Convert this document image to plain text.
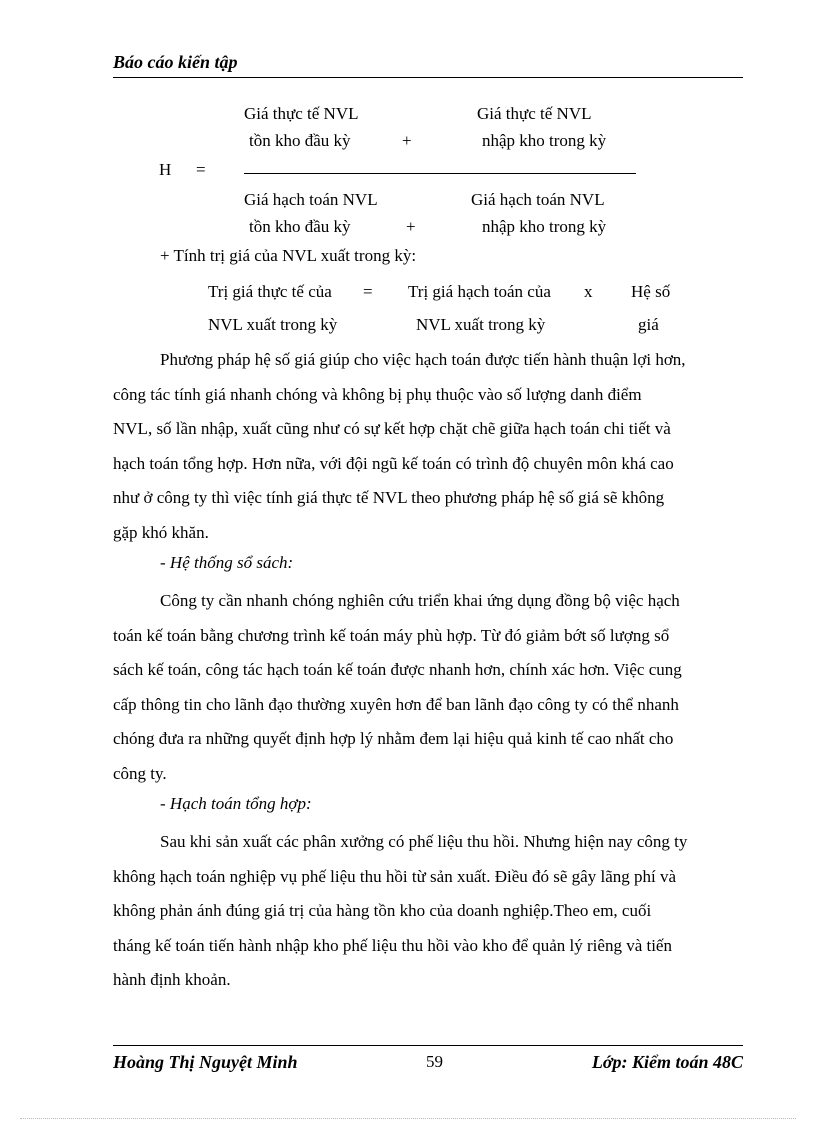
Báo cáo kiến tập
Giá thực tế NVL
tồn kho đầu kỳ	+
Giá thực tế NVL
nhập kho trong kỳ
H =
Giá hạch toán NVL
tồn kho đầu kỳ	+
Giá hạch toán NVL
nhập kho trong kỳ
+ Tính trị giá của NVL xuất trong kỳ:
Trị giá thực tế của
NVL xuất trong kỳ
= Trị giá hạch toán của
NVL xuất trong kỳ
x Hệ số
giá
Phương pháp hệ số giá giúp cho việc hạch toán được tiến hành thuận lợi hơn,
công tác tính giá nhanh chóng và không bị phụ thuộc vào số lượng danh điểm
NVL, số lần nhập, xuất cũng như có sự kết hợp chặt chẽ giữa hạch toán chi tiết và
hạch toán tổng hợp. Hơn nữa, với đội ngũ kế toán có trình độ chuyên môn khá cao
như ở công ty thì việc tính giá thực tế NVL theo phương pháp hệ số giá sẽ không
gặp khó khăn.
- Hệ thống sổ sách:
Công ty cần nhanh chóng nghiên cứu triển khai ứng dụng đồng bộ việc hạch
toán kế toán bằng chương trình kế toán máy phù hợp. Từ đó giảm bớt số lượng sổ
sách kế toán, công tác hạch toán kế toán được nhanh hơn, chính xác hơn. Việc cung
cấp thông tin cho lãnh đạo thường xuyên hơn để ban lãnh đạo công ty có thể nhanh
chóng đưa ra những quyết định hợp lý nhằm đem lại hiệu quả kinh tế cao nhất cho
công ty.
- Hạch toán tổng hợp:
Sau khi sản xuất các phân xưởng có phế liệu thu hồi. Nhưng hiện nay công ty
không hạch toán nghiệp vụ phế liệu thu hồi từ sản xuất. Điều đó sẽ gây lãng phí và
không phản ánh đúng giá trị của hàng tồn kho của doanh nghiệp.Theo em, cuối
tháng kế toán tiến hành nhập kho phế liệu thu hồi vào kho để quản lý riêng và tiến
hành định khoản.
Hoàng Thị Nguyệt Minh	59	Lớp: Kiểm toán 48C
